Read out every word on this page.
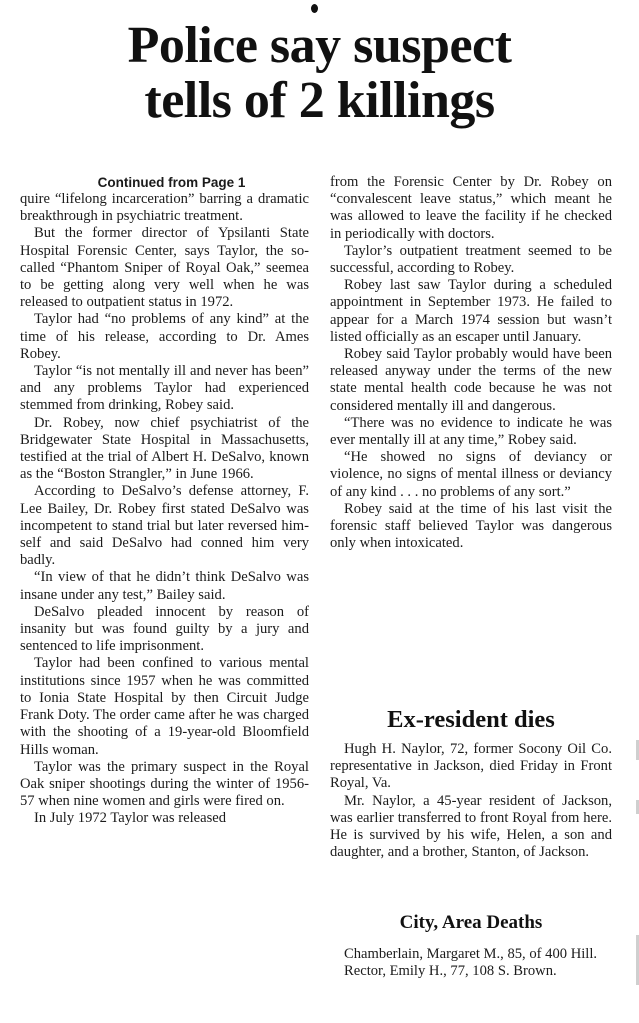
Police say suspect
tells of 2 killings

Continued from Page 1

quire “lifelong incarceration” barring a dramatic breakthrough in psychiatric treatment.

But the former director of Ypsilanti State Hospital Forensic Center, says Taylor, the so-called “Phantom Sniper of Royal Oak,” seemea to be getting along very well when he was released to outpatient status in 1972.

Taylor had “no problems of any kind” at the time of his release, according to Dr. Ames Robey.

Taylor “is not mentally ill and never has been” and any problems Taylor had experienced stemmed from drinking, Robey said.

Dr. Robey, now chief psychiatrist of the Bridgewater State Hospital in Massachusetts, testified at the trial of Albert H. DeSalvo, known as the “Boston Strangler,” in June 1966.

According to DeSalvo’s defense attorney, F. Lee Bailey, Dr. Robey first stated DeSalvo was incompetent to stand trial but later reversed himself and said DeSalvo had conned him very badly.

“In view of that he didn’t think DeSalvo was insane under any test,” Bailey said.

DeSalvo pleaded innocent by reason of insanity but was found guilty by a jury and sentenced to life imprisonment.

Taylor had been confined to various mental institutions since 1957 when he was committed to Ionia State Hospital by then Circuit Judge Frank Doty. The order came after he was charged with the shooting of a 19-year-old Bloomfield Hills woman.

Taylor was the primary suspect in the Royal Oak sniper shootings during the winter of 1956-57 when nine women and girls were fired on.

In July 1972 Taylor was released

from the Forensic Center by Dr. Robey on “convalescent leave status,” which meant he was allowed to leave the facility if he checked in periodically with doctors.

Taylor’s outpatient treatment seemed to be successful, according to Robey.

Robey last saw Taylor during a scheduled appointment in September 1973. He failed to appear for a March 1974 session but wasn’t listed officially as an escaper until January.

Robey said Taylor probably would have been released anyway under the terms of the new state mental health code because he was not considered mentally ill and dangerous.

“There was no evidence to indicate he was ever mentally ill at any time,” Robey said.

“He showed no signs of deviancy or violence, no signs of mental illness or deviancy of any kind . . . no problems of any sort.”

Robey said at the time of his last visit the forensic staff believed Taylor was dangerous only when intoxicated.

Ex-resident dies

Hugh H. Naylor, 72, former Socony Oil Co. representative in Jackson, died Friday in Front Royal, Va.

Mr. Naylor, a 45-year resident of Jackson, was earlier transferred to front Royal from here. He is survived by his wife, Helen, a son and daughter, and a brother, Stanton, of Jackson.

City, Area Deaths

Chamberlain, Margaret M., 85, of 400 Hill.

Rector, Emily H., 77, 108 S. Brown.
